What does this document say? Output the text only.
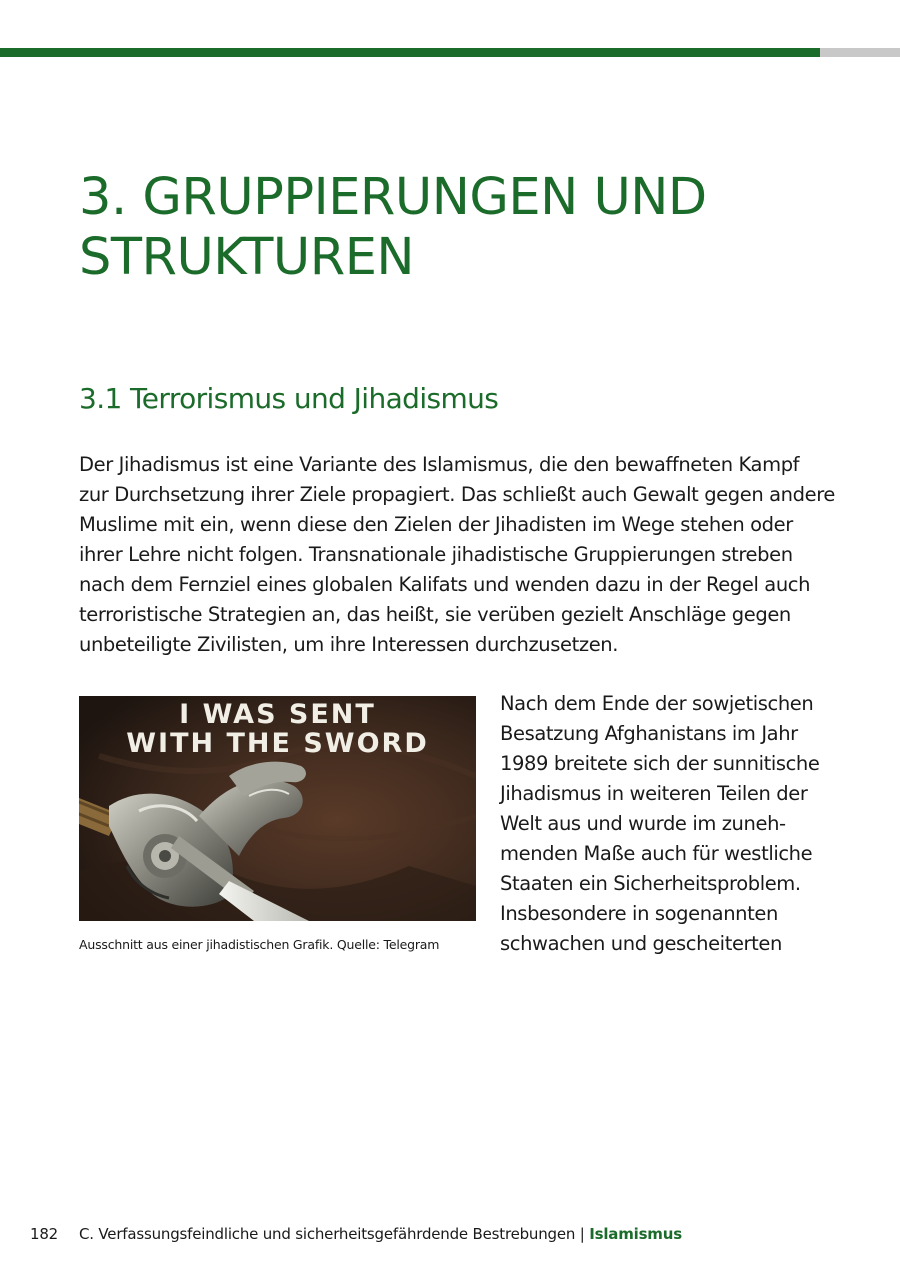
3. GRUPPIERUNGEN UND
STRUKTUREN
3.1 Terrorismus und Jihadismus

Der Jihadismus ist eine Variante des Islamismus, die den bewaffneten Kampf
zur Durchsetzung ihrer Ziele propagiert. Das schließt auch Gewalt gegen andere
Muslime mit ein, wenn diese den Zielen der Jihadisten im Wege stehen oder
ihrer Lehre nicht folgen. Transnationale jihadistische Gruppierungen streben
nach dem Fernziel eines globalen Kalifats und wenden dazu in der Regel auch
terroristische Strategien an, das heißt, sie verüben gezielt Anschläge gegen
unbeteiligte Zivilisten, um ihre Interessen durchzusetzen.

I WAS SENT
WITH THE SWORD

Ausschnitt aus einer jihadistischen Grafik. Quelle: Telegram

Nach dem Ende der sowjetischen
Besatzung Afghanistans im Jahr
1989 breitete sich der sunnitische
Jihadismus in weiteren Teilen der
Welt aus und wurde im zuneh-
menden Maße auch für westliche
Staaten ein Sicherheitsproblem.
Insbesondere in sogenannten
schwachen und gescheiterten

182 C. Verfassungsfeindliche und sicherheitsgefährdende Bestrebungen | Islamismus
